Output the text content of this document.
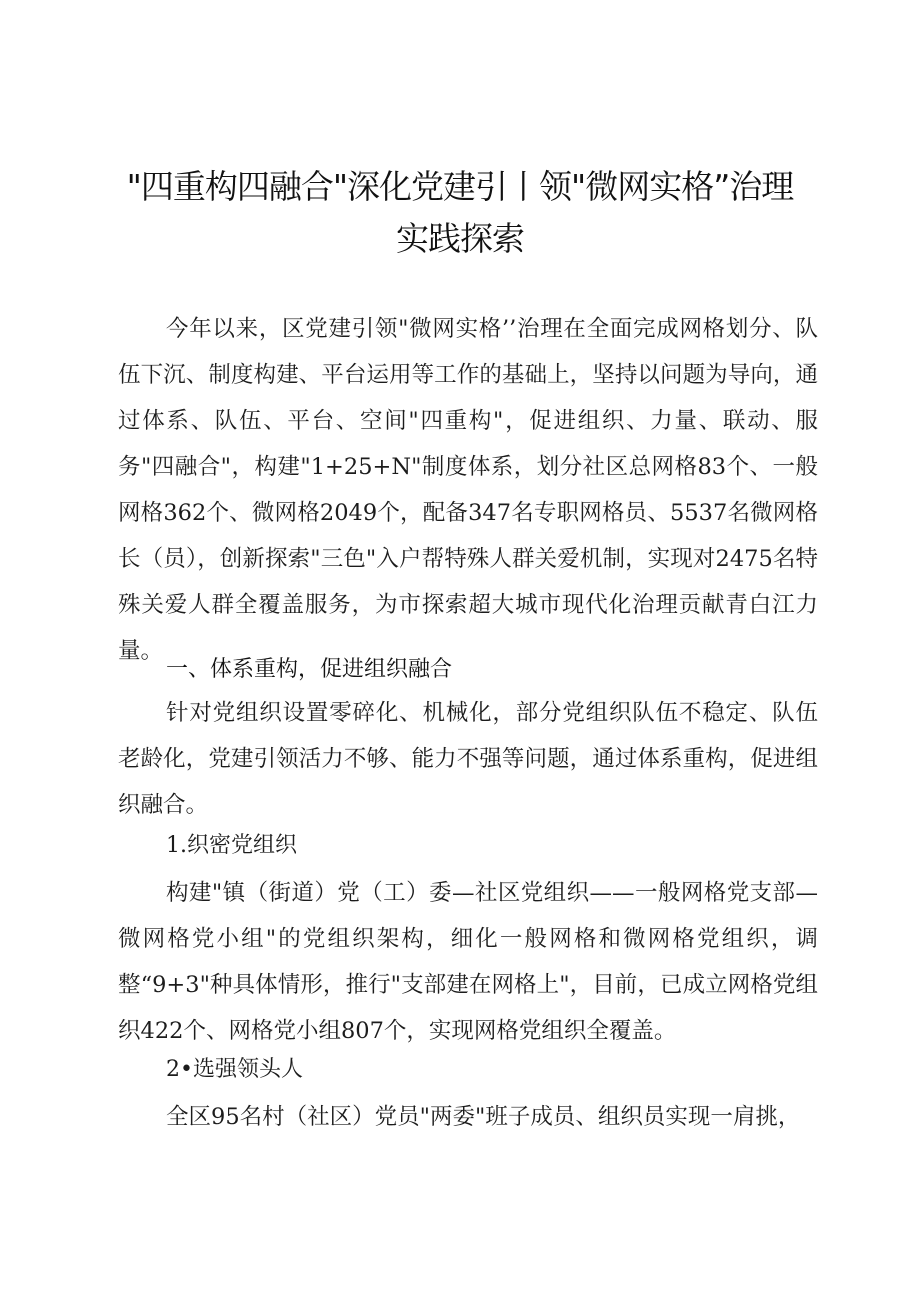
"四重构四融合"深化党建引丨领"微网实格”治理
实践探索
今年以来，区党建引领"微网实格’’治理在全面完成网格划分、队伍下沉、制度构建、平台运用等工作的基础上，坚持以问题为导向，通过体系、队伍、平台、空间"四重构"，促进组织、力量、联动、服务"四融合"，构建"1+25+N"制度体系，划分社区总网格83个、一般网格362个、微网格2049个，配备347名专职网格员、5537名微网格长（员），创新探索"三色"入户帮特殊人群关爱机制，实现对2475名特殊关爱人群全覆盖服务，为市探索超大城市现代化治理贡献青白江力量。
一、体系重构，促进组织融合
针对党组织设置零碎化、机械化，部分党组织队伍不稳定、队伍老龄化，党建引领活力不够、能力不强等问题，通过体系重构，促进组织融合。
1.织密党组织
构建"镇（街道）党（工）委—社区党组织——一般网格党支部—微网格党小组"的党组织架构，细化一般网格和微网格党组织，调整“9+3"种具体情形，推行"支部建在网格上"，目前，已成立网格党组织422个、网格党小组807个，实现网格党组织全覆盖。
2•选强领头人
全区95名村（社区）党员"两委"班子成员、组织员实现一肩挑，
